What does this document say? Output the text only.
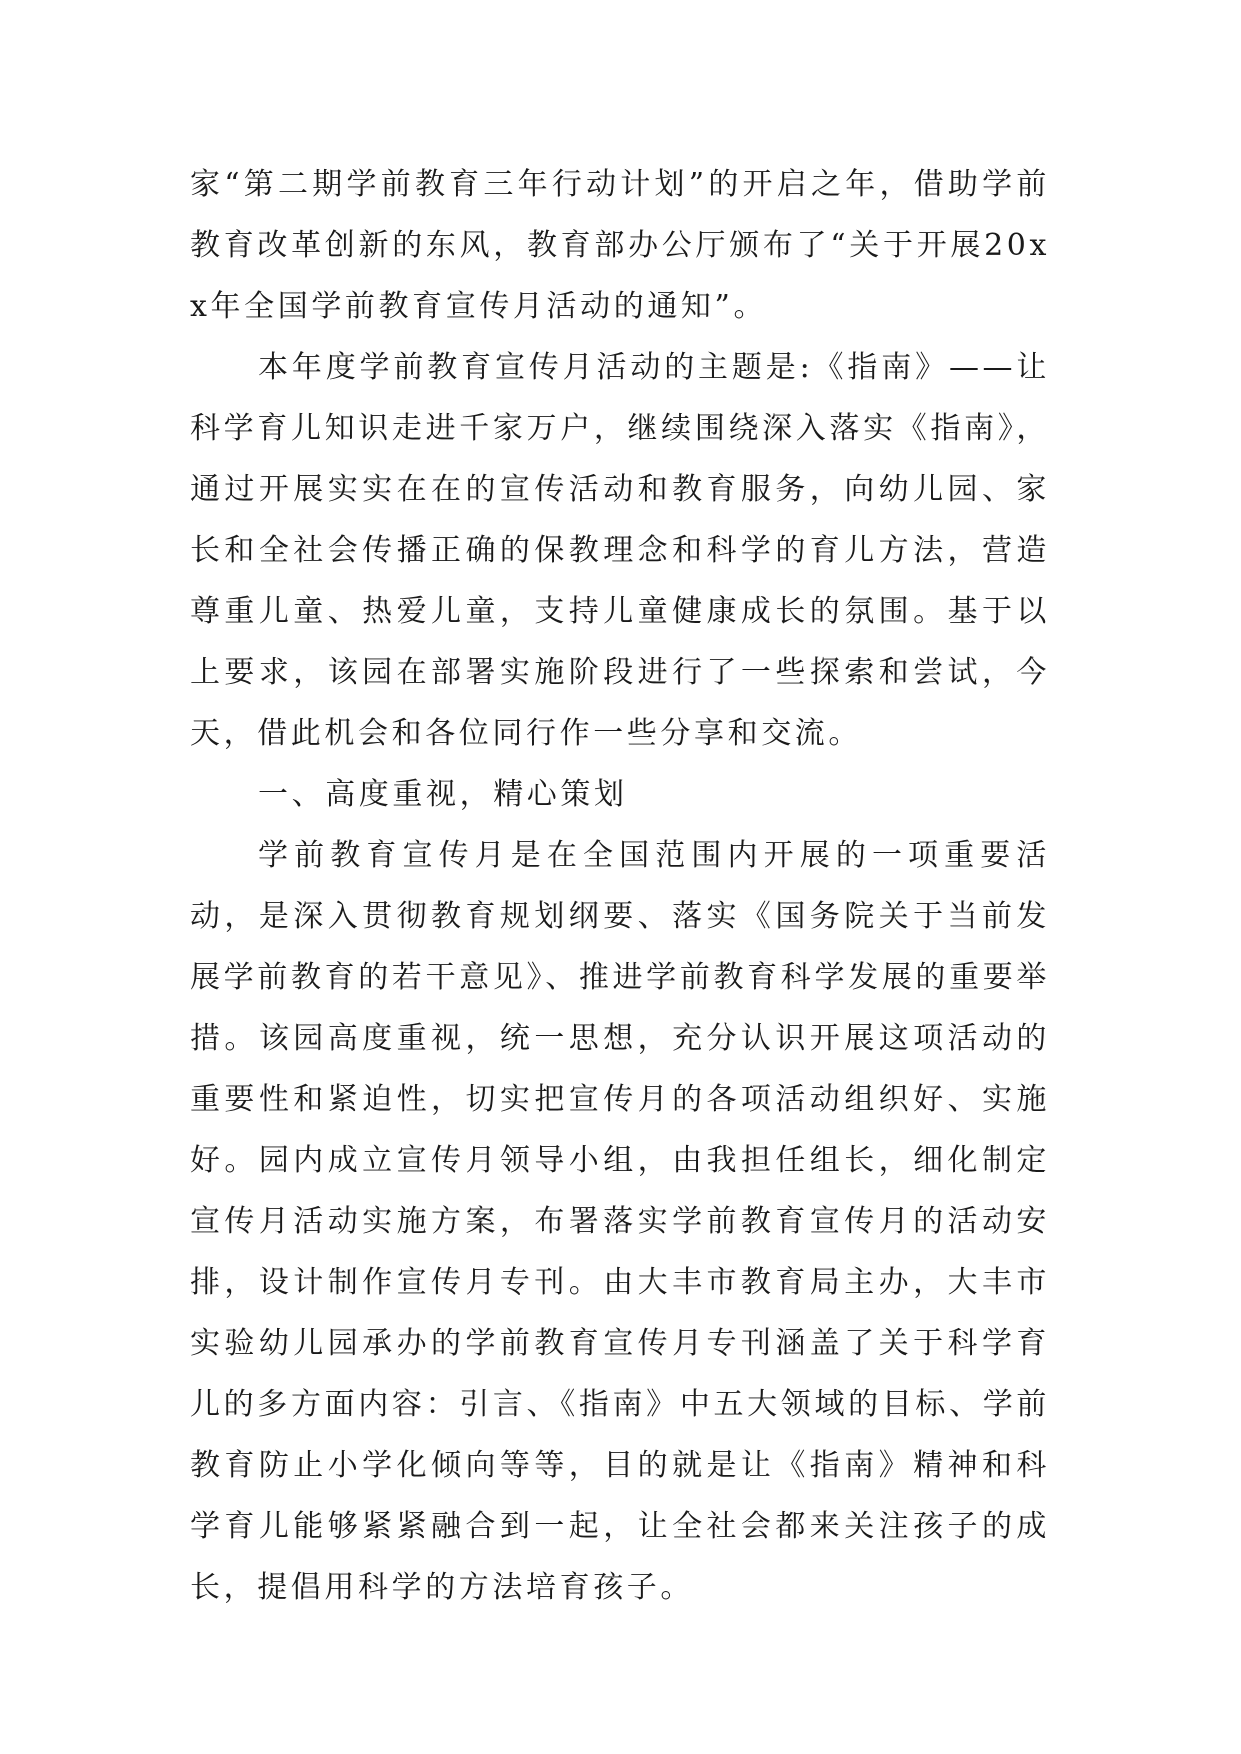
家“第二期学前教育三年行动计划”的开启之年，借助学前教育改革创新的东风，教育部办公厅颁布了“关于开展20xx年全国学前教育宣传月活动的通知”。

本年度学前教育宣传月活动的主题是:《指南》——让科学育儿知识走进千家万户，继续围绕深入落实《指南》，通过开展实实在在的宣传活动和教育服务，向幼儿园、家长和全社会传播正确的保教理念和科学的育儿方法，营造尊重儿童、热爱儿童，支持儿童健康成长的氛围。基于以上要求，该园在部署实施阶段进行了一些探索和尝试，今天，借此机会和各位同行作一些分享和交流。

一、高度重视，精心策划

学前教育宣传月是在全国范围内开展的一项重要活动，是深入贯彻教育规划纲要、落实《国务院关于当前发展学前教育的若干意见》、推进学前教育科学发展的重要举措。该园高度重视，统一思想，充分认识开展这项活动的重要性和紧迫性，切实把宣传月的各项活动组织好、实施好。园内成立宣传月领导小组，由我担任组长，细化制定宣传月活动实施方案，布署落实学前教育宣传月的活动安排，设计制作宣传月专刊。由大丰市教育局主办，大丰市实验幼儿园承办的学前教育宣传月专刊涵盖了关于科学育儿的多方面内容：引言、《指南》中五大领域的目标、学前教育防止小学化倾向等等，目的就是让《指南》精神和科学育儿能够紧紧融合到一起，让全社会都来关注孩子的成长，提倡用科学的方法培育孩子。
